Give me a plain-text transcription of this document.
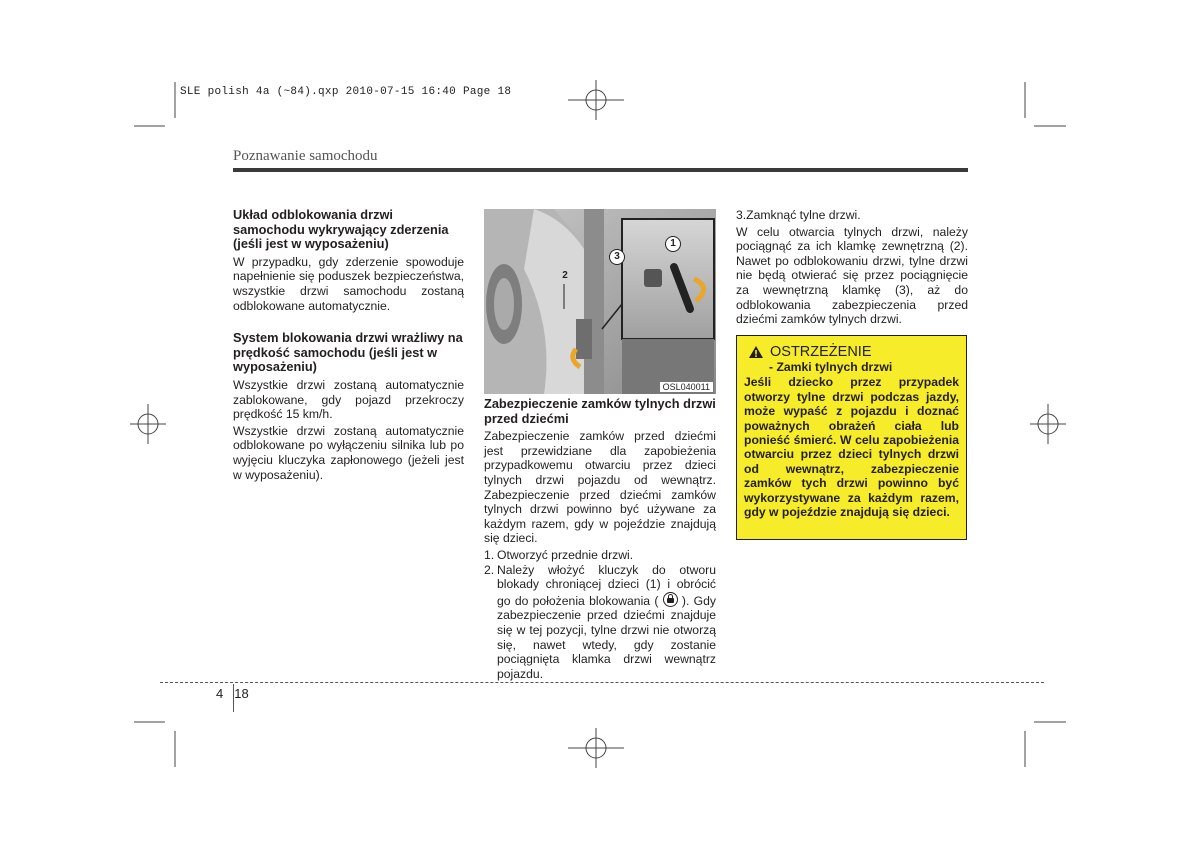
SLE polish 4a (~84).qxp 2010-07-15 16:40 Page 18
Poznawanie samochodu
Układ odblokowania drzwi samochodu wykrywający zderzenia (jeśli jest w wyposażeniu)

W przypadku, gdy zderzenie spowoduje napełnienie się poduszek bezpieczeństwa, wszystkie drzwi samochodu zostaną odblokowane automatycznie.

System blokowania drzwi wrażliwy na prędkość samochodu (jeśli jest w wyposażeniu)

Wszystkie drzwi zostaną automatycznie zablokowane, gdy pojazd przekroczy prędkość 15 km/h.

Wszystkie drzwi zostaną automatycznie odblokowane po wyłączeniu silnika lub po wyjęciu kluczyka zapłonowego (jeżeli jest w wyposażeniu).

1
2
3
OSL040011
Zabezpieczenie zamków tylnych drzwi przed dziećmi

Zabezpieczenie zamków przed dziećmi jest przewidziane dla zapobieżenia przypadkowemu otwarciu przez dzieci tylnych drzwi pojazdu od wewnątrz. Zabezpieczenie przed dziećmi zamków tylnych drzwi powinno być używane za każdym razem, gdy w pojeździe znajdują się dzieci.

1. Otworzyć przednie drzwi.
2. Należy włożyć kluczyk do otworu blokady chroniącej dzieci (1) i obrócić go do położenia blokowania ( ). Gdy zabezpieczenie przed dziećmi znajduje się w tej pozycji, tylne drzwi nie otworzą się, nawet wtedy, gdy zostanie pociągnięta klamka drzwi wewnątrz pojazdu.

3.Zamknąć tylne drzwi.

W celu otwarcia tylnych drzwi, należy pociągnąć za ich klamkę zewnętrzną (2). Nawet po odblokowaniu drzwi, tylne drzwi nie będą otwierać się przez pociągnięcie za wewnętrzną klamkę (3), aż do odblokowania zabezpieczenia przed dziećmi zamków tylnych drzwi.

OSTRZEŻENIE
- Zamki tylnych drzwi

Jeśli dziecko przez przypadek otworzy tylne drzwi podczas jazdy, może wypaść z pojazdu i doznać poważnych obrażeń ciała lub ponieść śmierć. W celu zapobieżenia otwarciu przez dzieci tylnych drzwi od wewnątrz, zabezpieczenie zamków tych drzwi powinno być wykorzystywane za każdym razem, gdy w pojeździe znajdują się dzieci.

4 18
